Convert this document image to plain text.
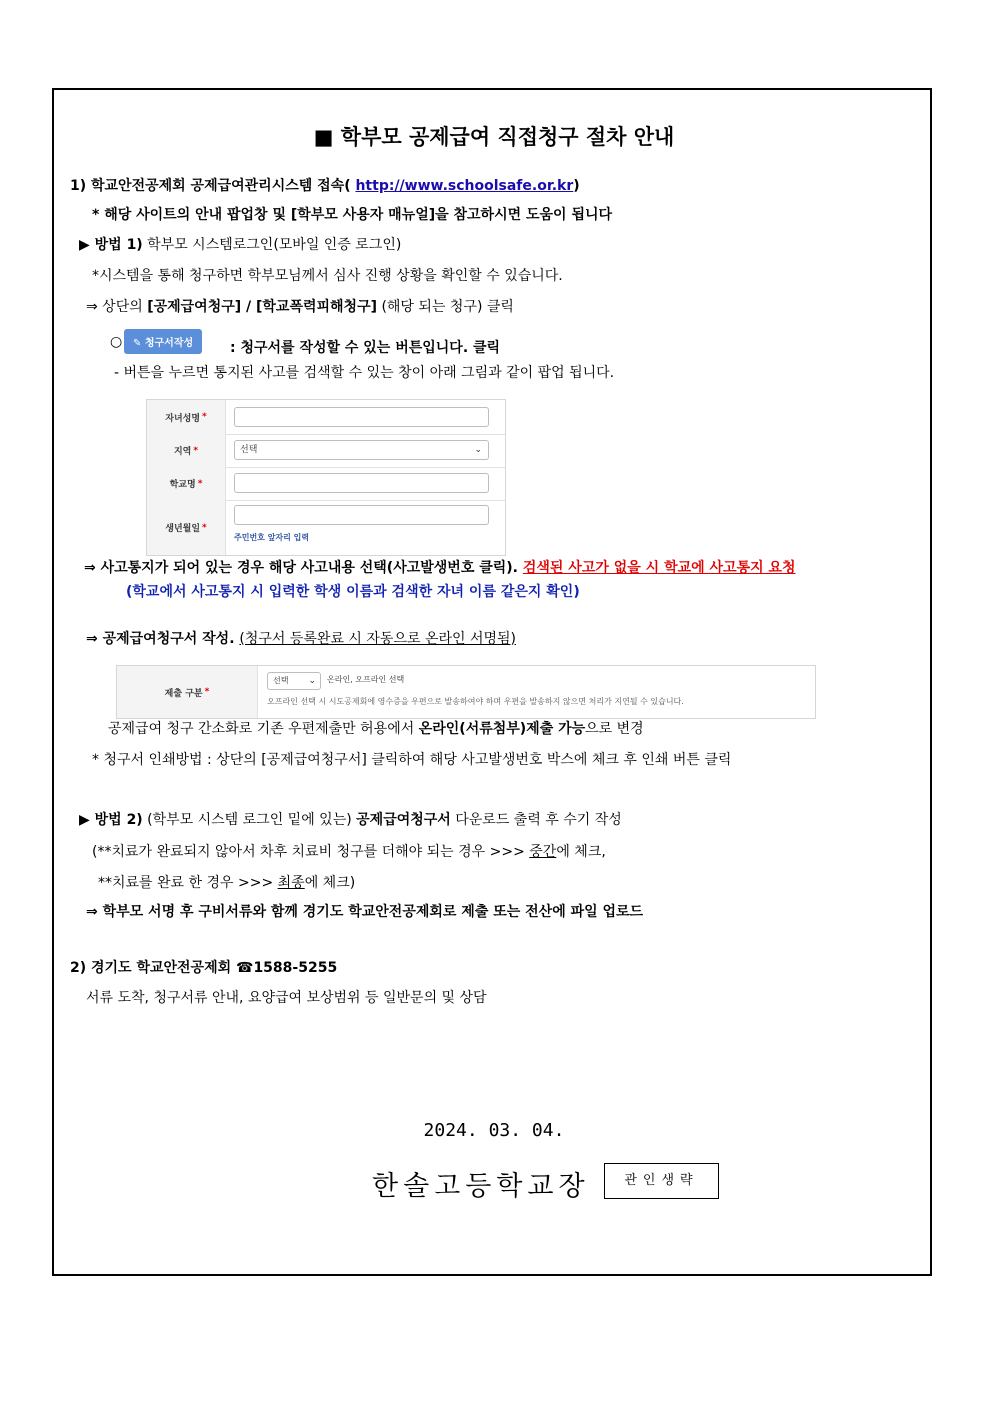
■ 학부모 공제급여 직접청구 절차 안내
1) 학교안전공제회 공제급여관리시스템 접속( http://www.schoolsafe.or.kr)
* 해당 사이트의 안내 팝업창 및 [학부모 사용자 매뉴얼]을 참고하시면 도움이 됩니다
▶ 방법 1) 학부모 시스템로그인(모바일 인증 로그인)
*시스템을 통해 청구하면 학부모님께서 심사 진행 상황을 확인할 수 있습니다.
⇒ 상단의 [공제급여청구] / [학교폭력피해청구] (해당 되는 청구) 클릭
○	✎ 청구서작성	: 청구서를 작성할 수 있는 버튼입니다. 클릭
- 버튼을 누르면 통지된 사고를 검색할 수 있는 창이 아래 그림과 같이 팝업 됩니다.
자녀성명 *
지역 *	선택	⌄
학교명 *
생년월일 *
주민번호 앞자리 입력
⇒ 사고통지가 되어 있는 경우 해당 사고내용 선택(사고발생번호 클릭). 검색된 사고가 없을 시 학교에 사고통지 요청
(학교에서 사고통지 시 입력한 학생 이름과 검색한 자녀 이름 같은지 확인)
⇒ 공제급여청구서 작성. (청구서 등록완료 시 자동으로 온라인 서명됨)
제출 구분 *
선택 ⌄ 온라인, 오프라인 선택
오프라인 선택 시 시도공제회에 영수증을 우편으로 발송하여야 하며 우편을 발송하지 않으면 처리가 지연될 수 있습니다.
공제급여 청구 간소화로 기존 우편제출만 허용에서 온라인(서류첨부)제출 가능으로 변경
* 청구서 인쇄방법 : 상단의 [공제급여청구서] 클릭하여 해당 사고발생번호 박스에 체크 후 인쇄 버튼 클릭
▶ 방법 2) (학부모 시스템 로그인 밑에 있는) 공제급여청구서 다운로드 출력 후 수기 작성
(**치료가 완료되지 않아서 차후 치료비 청구를 더해야 되는 경우 >>> 중간에 체크,
**치료를 완료 한 경우 >>> 최종에 체크)
⇒ 학부모 서명 후 구비서류와 함께 경기도 학교안전공제회로 제출 또는 전산에 파일 업로드
2) 경기도 학교안전공제회 ☎1588-5255
서류 도착, 청구서류 안내, 요양급여 보상범위 등 일반문의 및 상담
2024. 03. 04.
한솔고등학교장	관인생략
